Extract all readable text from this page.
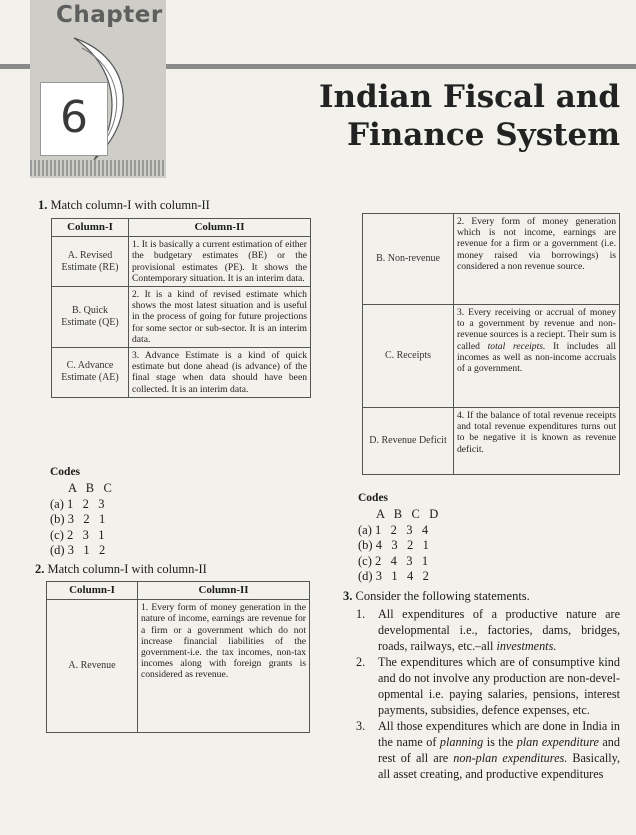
Chapter
6	Indian Fiscal and
Finance System
1. Match column-I with column-II
Column-I	Column-II
A. Revised Estimate (RE)	1. It is basically a current estimation of either the budgetary estimates (BE) or the provisional estimates (PE). It shows the Contemporary situation. It is an interim data.
B. Quick Estimate (QE)	2. It is a kind of revised estimate which shows the most latest situation and is useful in the process of going for future projections for some sector or sub-sector. It is an interim data.
C. Advance Estimate (AE)	3. Advance Estimate is a kind of quick estimate but done ahead (is advance) of the final stage when data should have been collected. It is an interim data.
Codes
A   B   C
(a) 1   2   3
(b) 3   2   1
(c) 2   3   1
(d) 3   1   2
2. Match column-I with column-II
Column-I	Column-II
A. Revenue	1. Every form of money generation in the nature of income, earnings are revenue for a firm or a government which do not increase financial liabilities of the government-i.e. the tax incomes, non-tax incomes along with foreign grants is considered as revenue.
B. Non-revenue	2. Every form of money generation which is not income, earnings are revenue for a firm or a government (i.e. money raised via borrowings) is considered a non revenue source.
C. Receipts	3. Every receiving or accrual of money to a government by revenue and non-revenue sources is a reciept. Their sum is called total receipts. It includes all incomes as well as non-income accruals of a government.
D. Revenue Deficit	4. If the balance of total revenue receipts and total revenue expenditures turns out to be negative it is known as revenue deficit.
Codes
A   B   C   D
(a) 1   2   3   4
(b) 4   3   2   1
(c) 2   4   3   1
(d) 3   1   4   2
3. Consider the following statements.
1.	All expenditures of a productive nature are developmental i.e., factories, dams, bridges, roads, railways, etc.–all investments.
2.	The expenditures which are of consumptive kind and do not involve any production are non-devel- opmental i.e. paying salaries, pensions, interest payments, subsidies, defence expenses, etc.
3.	All those expenditures which are done in India in the name of planning is the plan expenditure and rest of all are non-plan expenditures. Basically, all asset creating, and productive expenditures
